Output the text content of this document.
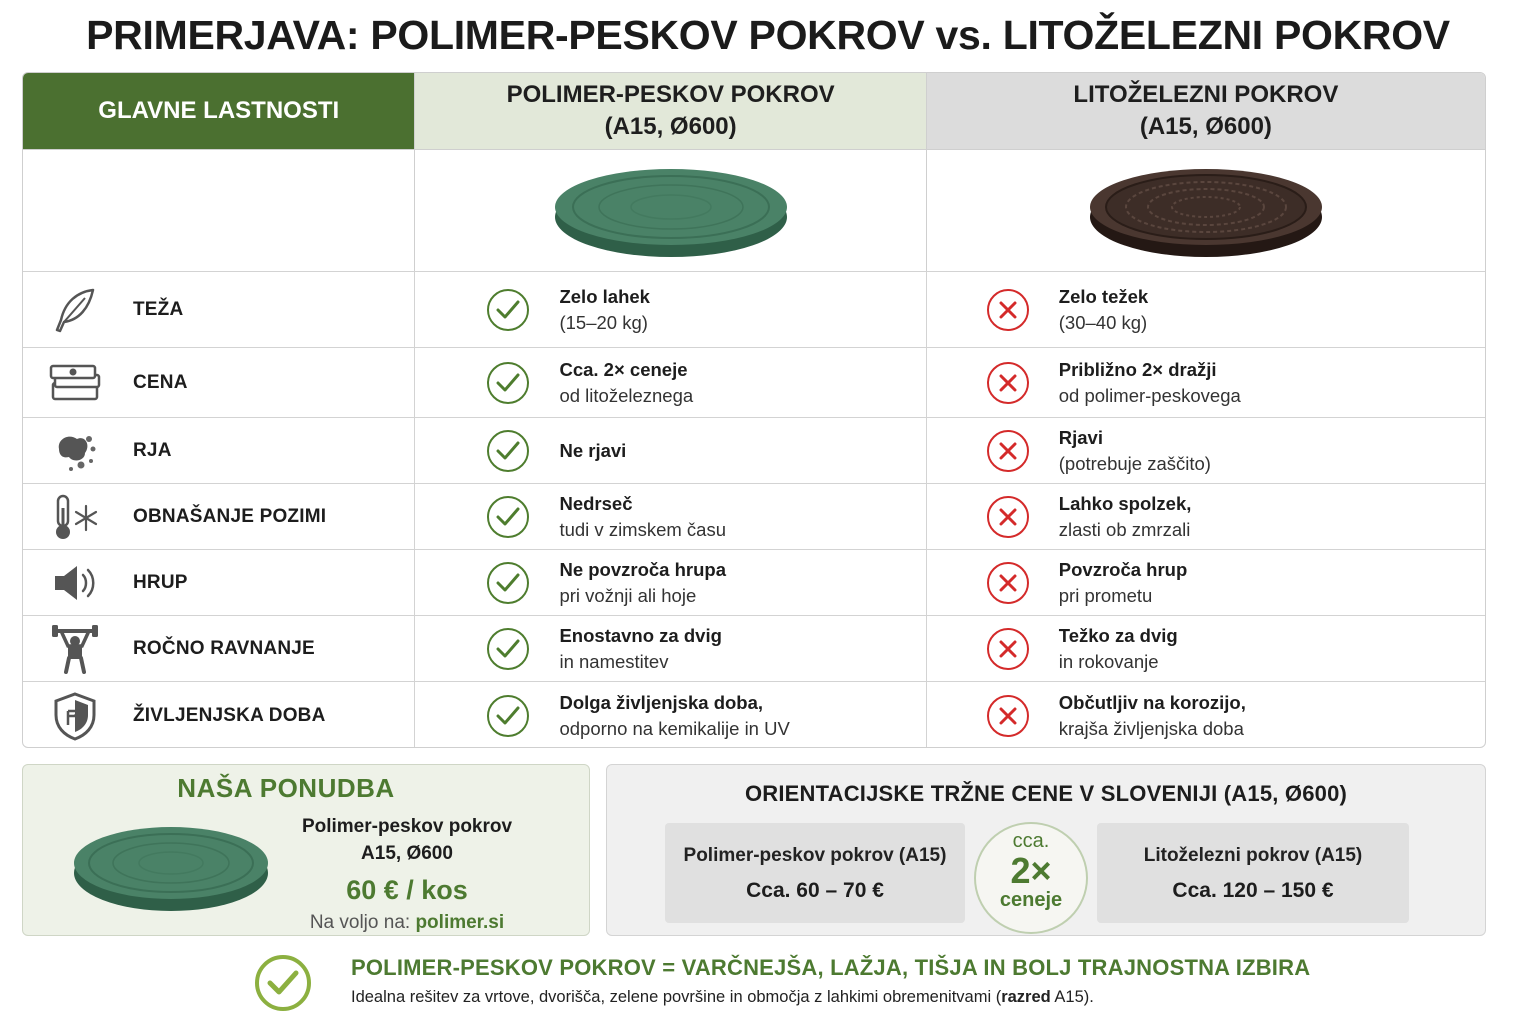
PRIMERJAVA: POLIMER-PESKOV POKROV vs. LITOŽELEZNI POKROV
GLAVNE LASTNOSTI
POLIMER-PESKOV POKROV
(A15, Ø600)
LITOŽELEZNI POKROV
(A15, Ø600)
TEŽA
Zelo lahek
(15–20 kg)
Zelo težek
(30–40 kg)
CENA
Cca. 2× ceneje
od litoželeznega
Približno 2× dražji
od polimer-peskovega
RJA	Ne rjavi
Rjavi
(potrebuje zaščito)
OBNAŠANJE POZIMI
Nedrseč
tudi v zimskem času
Lahko spolzek,
zlasti ob zmrzali
HRUP
Ne povzroča hrupa
pri vožnji ali hoje
Povzroča hrup
pri prometu
ROČNO RAVNANJE
Enostavno za dvig
in namestitev
Težko za dvig
in rokovanje
ŽIVLJENJSKA DOBA
Dolga življenjska doba,
odporno na kemikalije in UV
Občutljiv na korozijo,
krajša življenjska doba
NAŠA PONUDBA
Polimer-peskov pokrov
A15, Ø600
60 € / kos
Na voljo na: polimer.si
ORIENTACIJSKE TRŽNE CENE V SLOVENIJI (A15, Ø600)
Polimer-peskov pokrov (A15)
Cca. 60 – 70 €
cca.
2×
ceneje
Litoželezni pokrov (A15)
Cca. 120 – 150 €
POLIMER-PESKOV POKROV = VARČNEJŠA, LAŽJA, TIŠJA IN BOLJ TRAJNOSTNA IZBIRA
Idealna rešitev za vrtove, dvorišča, zelene površine in območja z lahkimi obremenitvami (razred A15).
